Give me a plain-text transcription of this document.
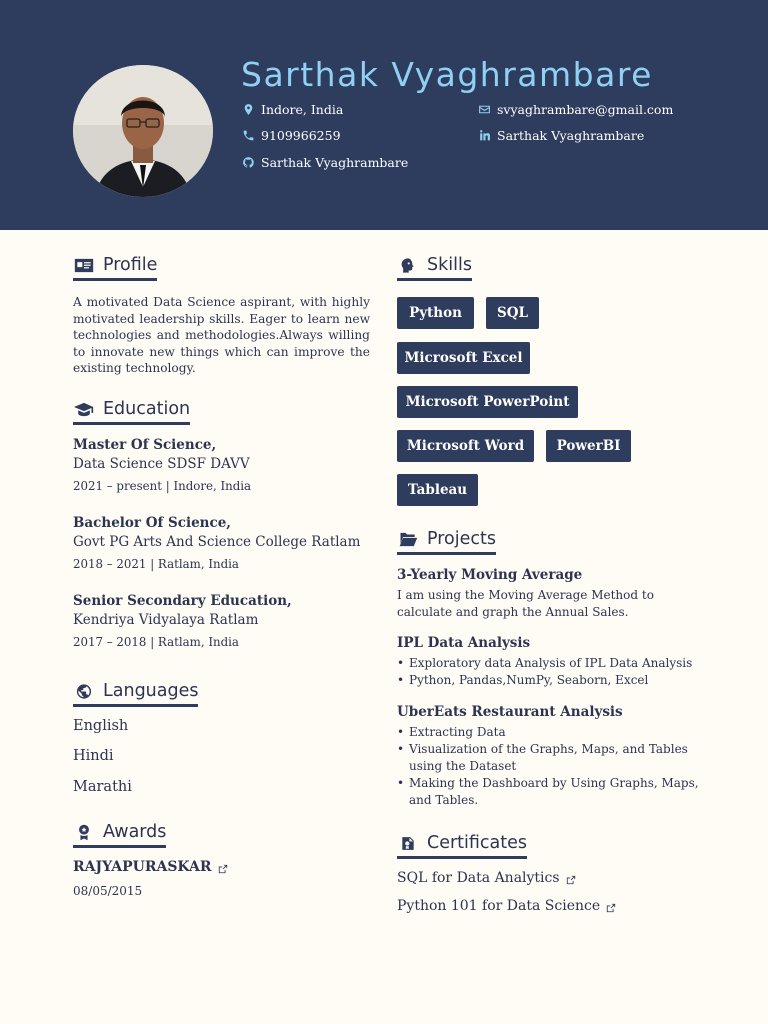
Sarthak Vyaghrambare
Indore, India
9109966259
Sarthak Vyaghrambare
svyaghrambare@gmail.com
Sarthak Vyaghrambare
Profile
A motivated Data Science aspirant, with highly motivated leadership skills. Eager to learn new technologies and methodologies.Always willing to innovate new things which can improve the existing technology.
Education
Master Of Science,
Data Science SDSF DAVV
2021 – present | Indore, India
Bachelor Of Science,
Govt PG Arts And Science College Ratlam
2018 – 2021 | Ratlam, India
Senior Secondary Education,
Kendriya Vidyalaya Ratlam
2017 – 2018 | Ratlam, India
Languages
English
Hindi
Marathi
Awards
RAJYAPURASKAR
08/05/2015
Skills
Python	SQL
Microsoft Excel
Microsoft PowerPoint
Microsoft Word	PowerBI
Tableau
Projects
3-Yearly Moving Average
I am using the Moving Average Method to calculate and graph the Annual Sales.
IPL Data Analysis
• Exploratory data Analysis of IPL Data Analysis
• Python, Pandas,NumPy, Seaborn, Excel
UberEats Restaurant Analysis
• Extracting Data
• Visualization of the Graphs, Maps, and Tables using the Dataset
• Making the Dashboard by Using Graphs, Maps, and Tables.
Certificates
SQL for Data Analytics
Python 101 for Data Science
